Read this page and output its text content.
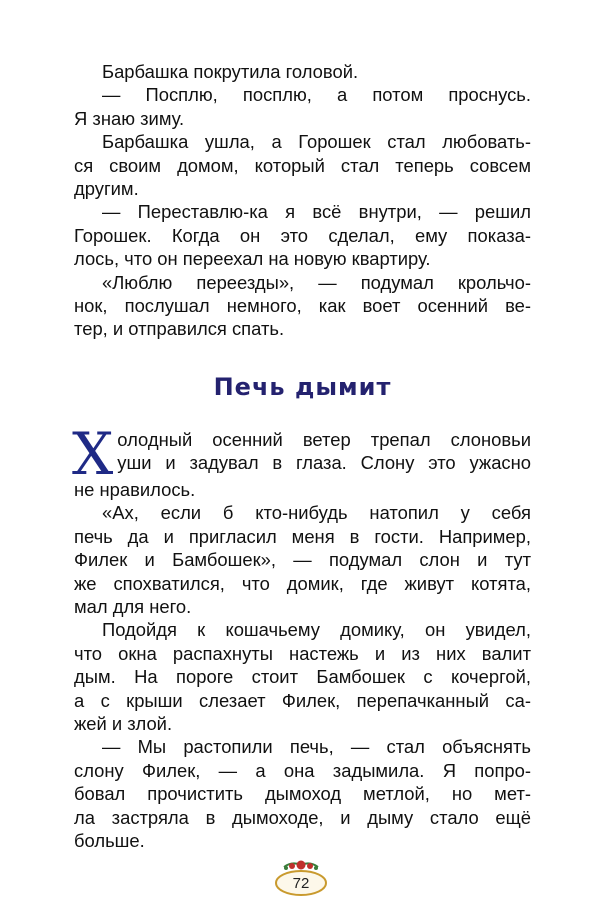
Барбашка покрутила головой.
— Посплю, посплю, а потом проснусь.
Я знаю зиму.
Барбашка ушла, а Горошек стал любовать-
ся своим домом, который стал теперь совсем
другим.
— Переставлю-ка я всё внутри, — решил
Горошек. Когда он это сделал, ему показа-
лось, что он переехал на новую квартиру.
«Люблю переезды», — подумал крольчо-
нок, послушал немного, как воет осенний ве-
тер, и отправился спать.
Печь дымит
Х олодный осенний ветер трепал слоновьи
уши и задувал в глаза. Слону это ужасно
не нравилось.
«Ах, если б кто-нибудь натопил у себя
печь да и пригласил меня в гости. Например,
Филек и Бамбошек», — подумал слон и тут
же спохватился, что домик, где живут котята,
мал для него.
Подойдя к кошачьему домику, он увидел,
что окна распахнуты настежь и из них валит
дым. На пороге стоит Бамбошек с кочергой,
а с крыши слезает Филек, перепачканный са-
жей и злой.
— Мы растопили печь, — стал объяснять
слону Филек, — а она задымила. Я попро-
бовал прочистить дымоход метлой, но мет-
ла застряла в дымоходе, и дыму стало ещё
больше.
72
